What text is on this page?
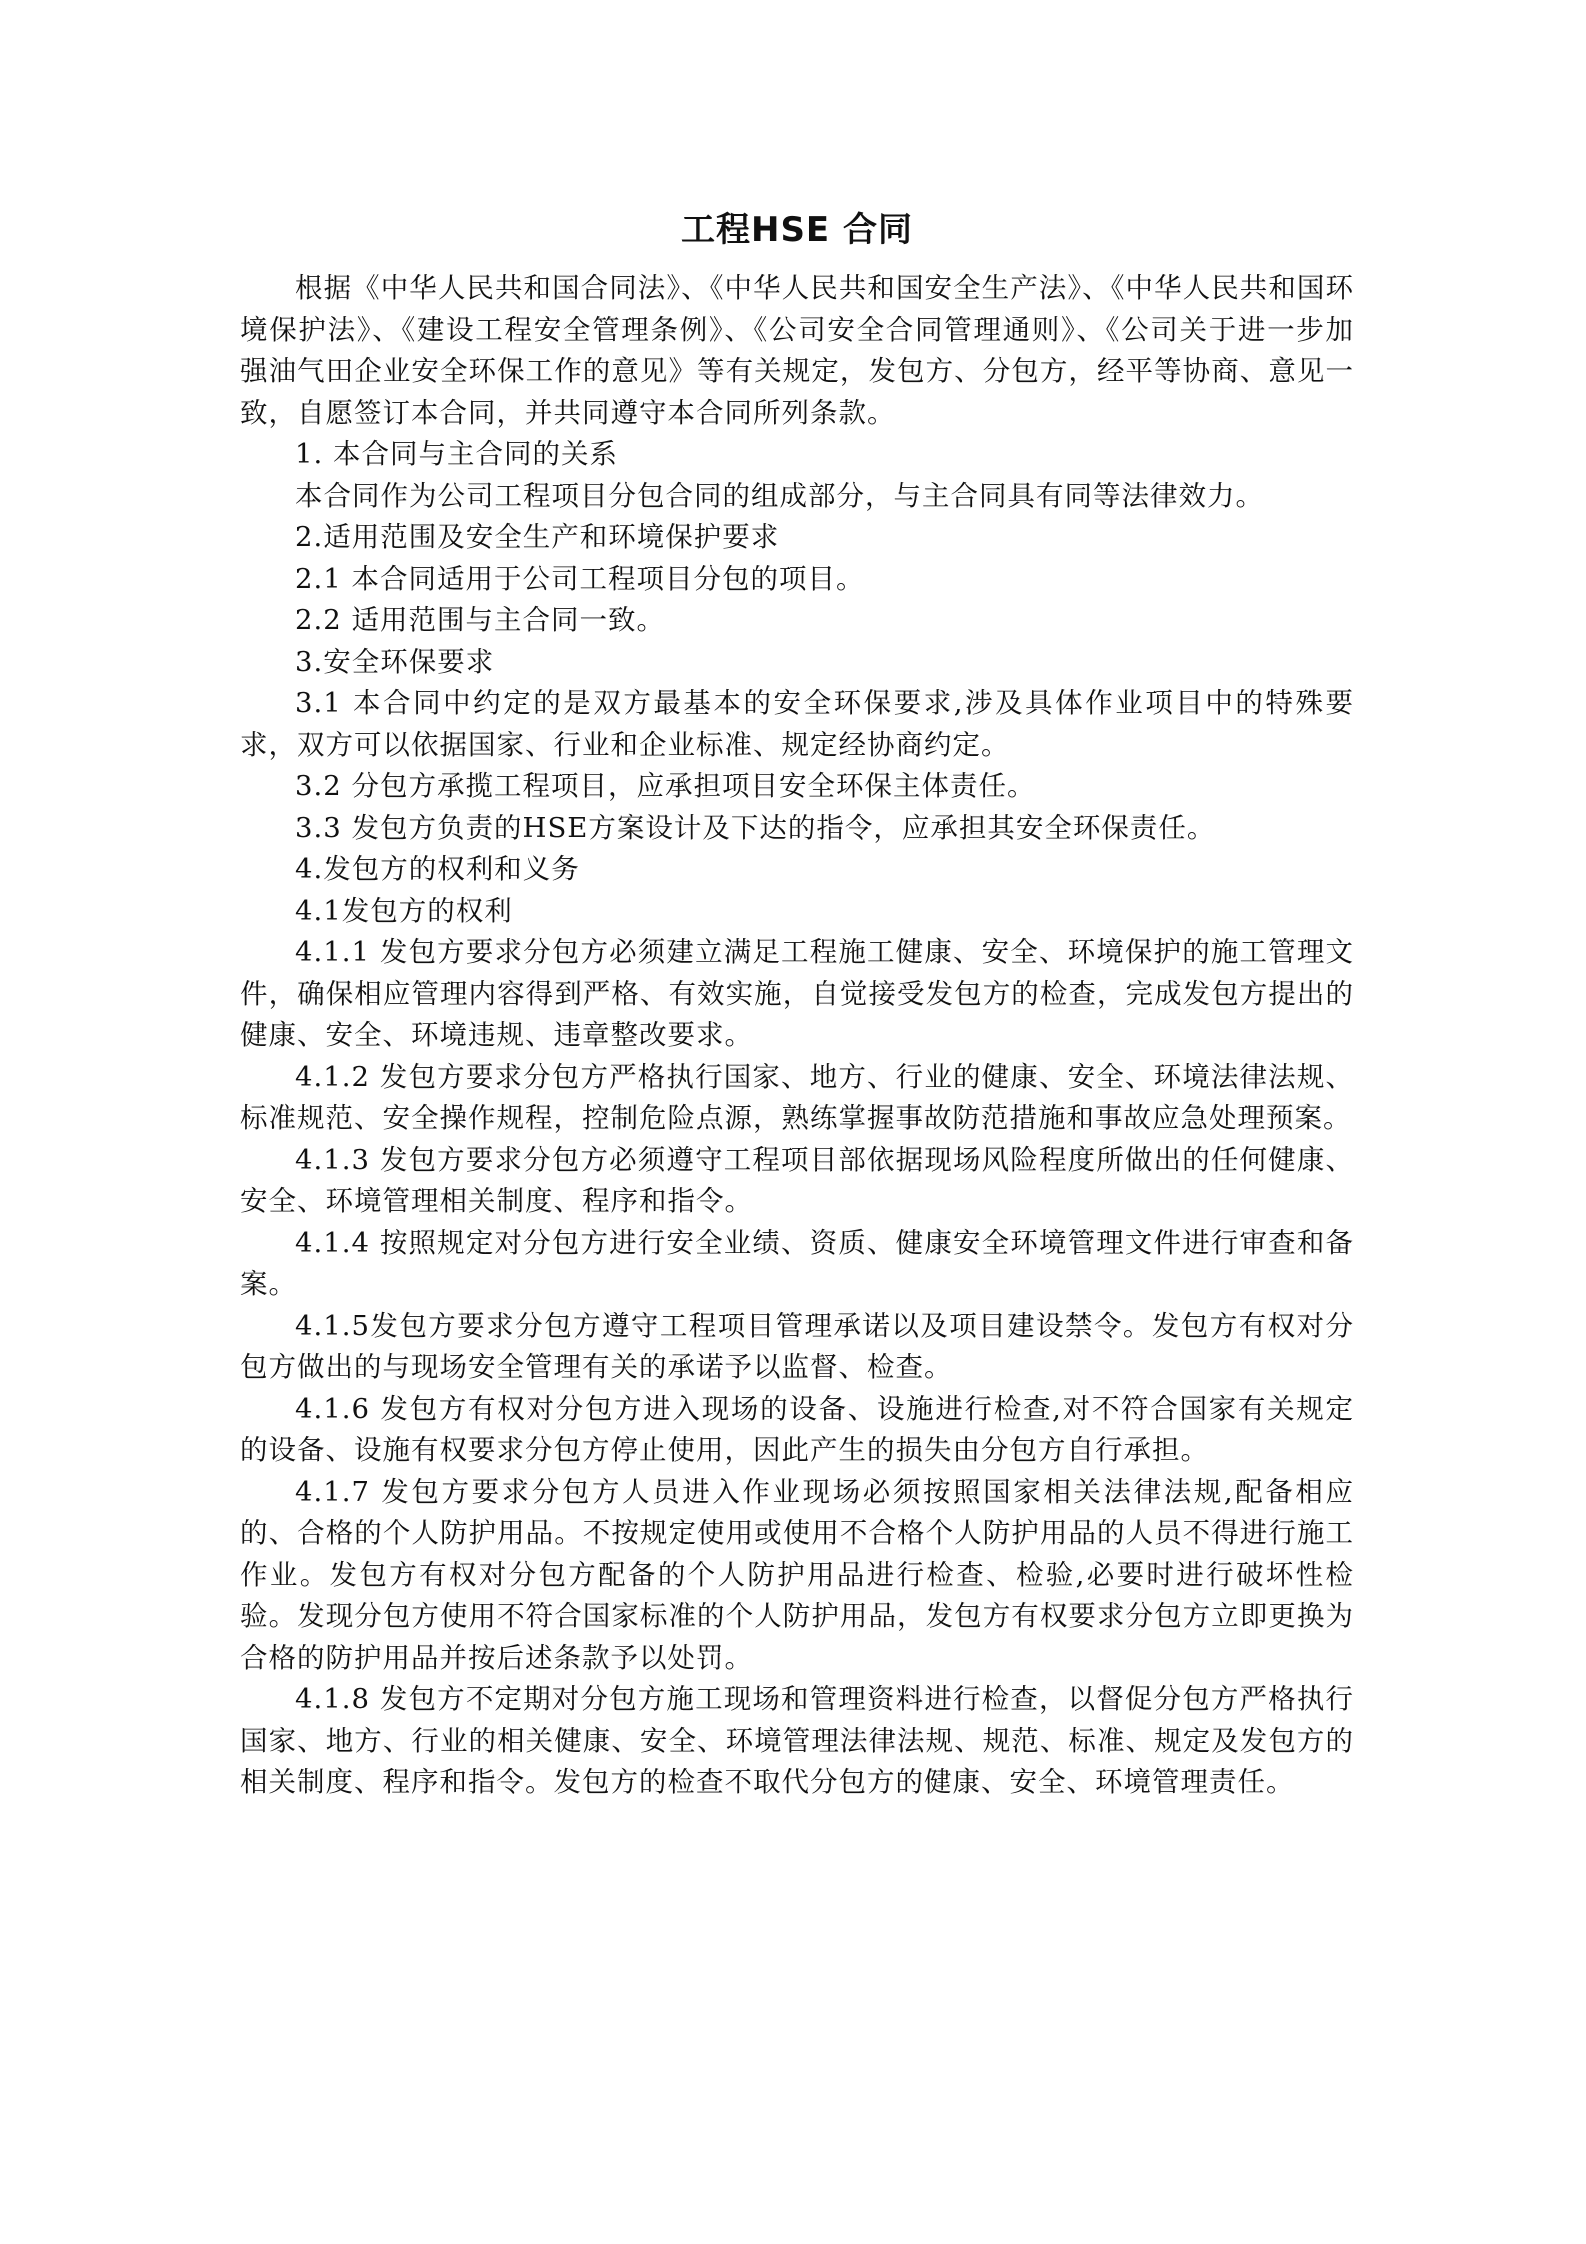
工程HSE 合同

根据《中华人民共和国合同法》、《中华人民共和国安全生产法》、《中华人民共和国环境保护法》、《建设工程安全管理条例》、《公司安全合同管理通则》、《公司关于进一步加强油气田企业安全环保工作的意见》等有关规定，发包方、分包方，经平等协商、意见一致，自愿签订本合同，并共同遵守本合同所列条款。

1. 本合同与主合同的关系

本合同作为公司工程项目分包合同的组成部分，与主合同具有同等法律效力。

2.适用范围及安全生产和环境保护要求

2.1 本合同适用于公司工程项目分包的项目。

2.2 适用范围与主合同一致。

3.安全环保要求

3.1 本合同中约定的是双方最基本的安全环保要求,涉及具体作业项目中的特殊要求，双方可以依据国家、行业和企业标准、规定经协商约定。

3.2 分包方承揽工程项目，应承担项目安全环保主体责任。

3.3 发包方负责的HSE方案设计及下达的指令，应承担其安全环保责任。

4.发包方的权利和义务

4.1发包方的权利

4.1.1 发包方要求分包方必须建立满足工程施工健康、安全、环境保护的施工管理文件，确保相应管理内容得到严格、有效实施，自觉接受发包方的检查，完成发包方提出的健康、安全、环境违规、违章整改要求。

4.1.2 发包方要求分包方严格执行国家、地方、行业的健康、安全、环境法律法规、标准规范、安全操作规程，控制危险点源，熟练掌握事故防范措施和事故应急处理预案。

4.1.3 发包方要求分包方必须遵守工程项目部依据现场风险程度所做出的任何健康、安全、环境管理相关制度、程序和指令。

4.1.4 按照规定对分包方进行安全业绩、资质、健康安全环境管理文件进行审查和备案。

4.1.5发包方要求分包方遵守工程项目管理承诺以及项目建设禁令。发包方有权对分包方做出的与现场安全管理有关的承诺予以监督、检查。

4.1.6 发包方有权对分包方进入现场的设备、设施进行检查,对不符合国家有关规定的设备、设施有权要求分包方停止使用，因此产生的损失由分包方自行承担。

4.1.7 发包方要求分包方人员进入作业现场必须按照国家相关法律法规,配备相应的、合格的个人防护用品。不按规定使用或使用不合格个人防护用品的人员不得进行施工作业。发包方有权对分包方配备的个人防护用品进行检查、检验,必要时进行破坏性检验。发现分包方使用不符合国家标准的个人防护用品，发包方有权要求分包方立即更换为合格的防护用品并按后述条款予以处罚。

4.1.8 发包方不定期对分包方施工现场和管理资料进行检查，以督促分包方严格执行国家、地方、行业的相关健康、安全、环境管理法律法规、规范、标准、规定及发包方的相关制度、程序和指令。发包方的检查不取代分包方的健康、安全、环境管理责任。
